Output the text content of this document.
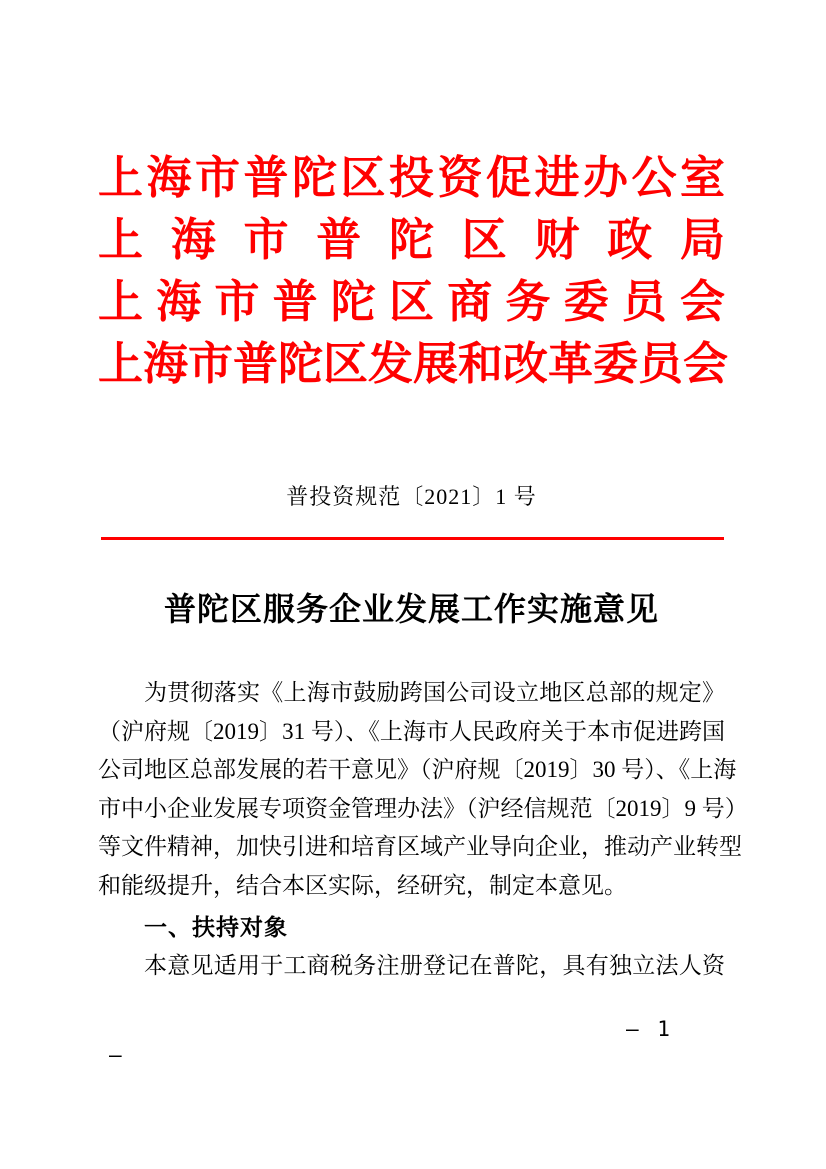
上海市普陀区投资促进办公室
上海市普陀区财政局
上海市普陀区商务委员会
上海市普陀区发展和改革委员会
普投资规范〔2021〕1 号
普陀区服务企业发展工作实施意见
为贯彻落实《上海市鼓励跨国公司设立地区总部的规定》
（沪府规〔2019〕31 号）、《上海市人民政府关于本市促进跨国
公司地区总部发展的若干意见》（沪府规〔2019〕30 号）、《上海
市中小企业发展专项资金管理办法》（沪经信规范〔2019〕9 号）
等文件精神，加快引进和培育区域产业导向企业，推动产业转型
和能级提升，结合本区实际，经研究，制定本意见。
一、扶持对象
本意见适用于工商税务注册登记在普陀，具有独立法人资
— 1
—
